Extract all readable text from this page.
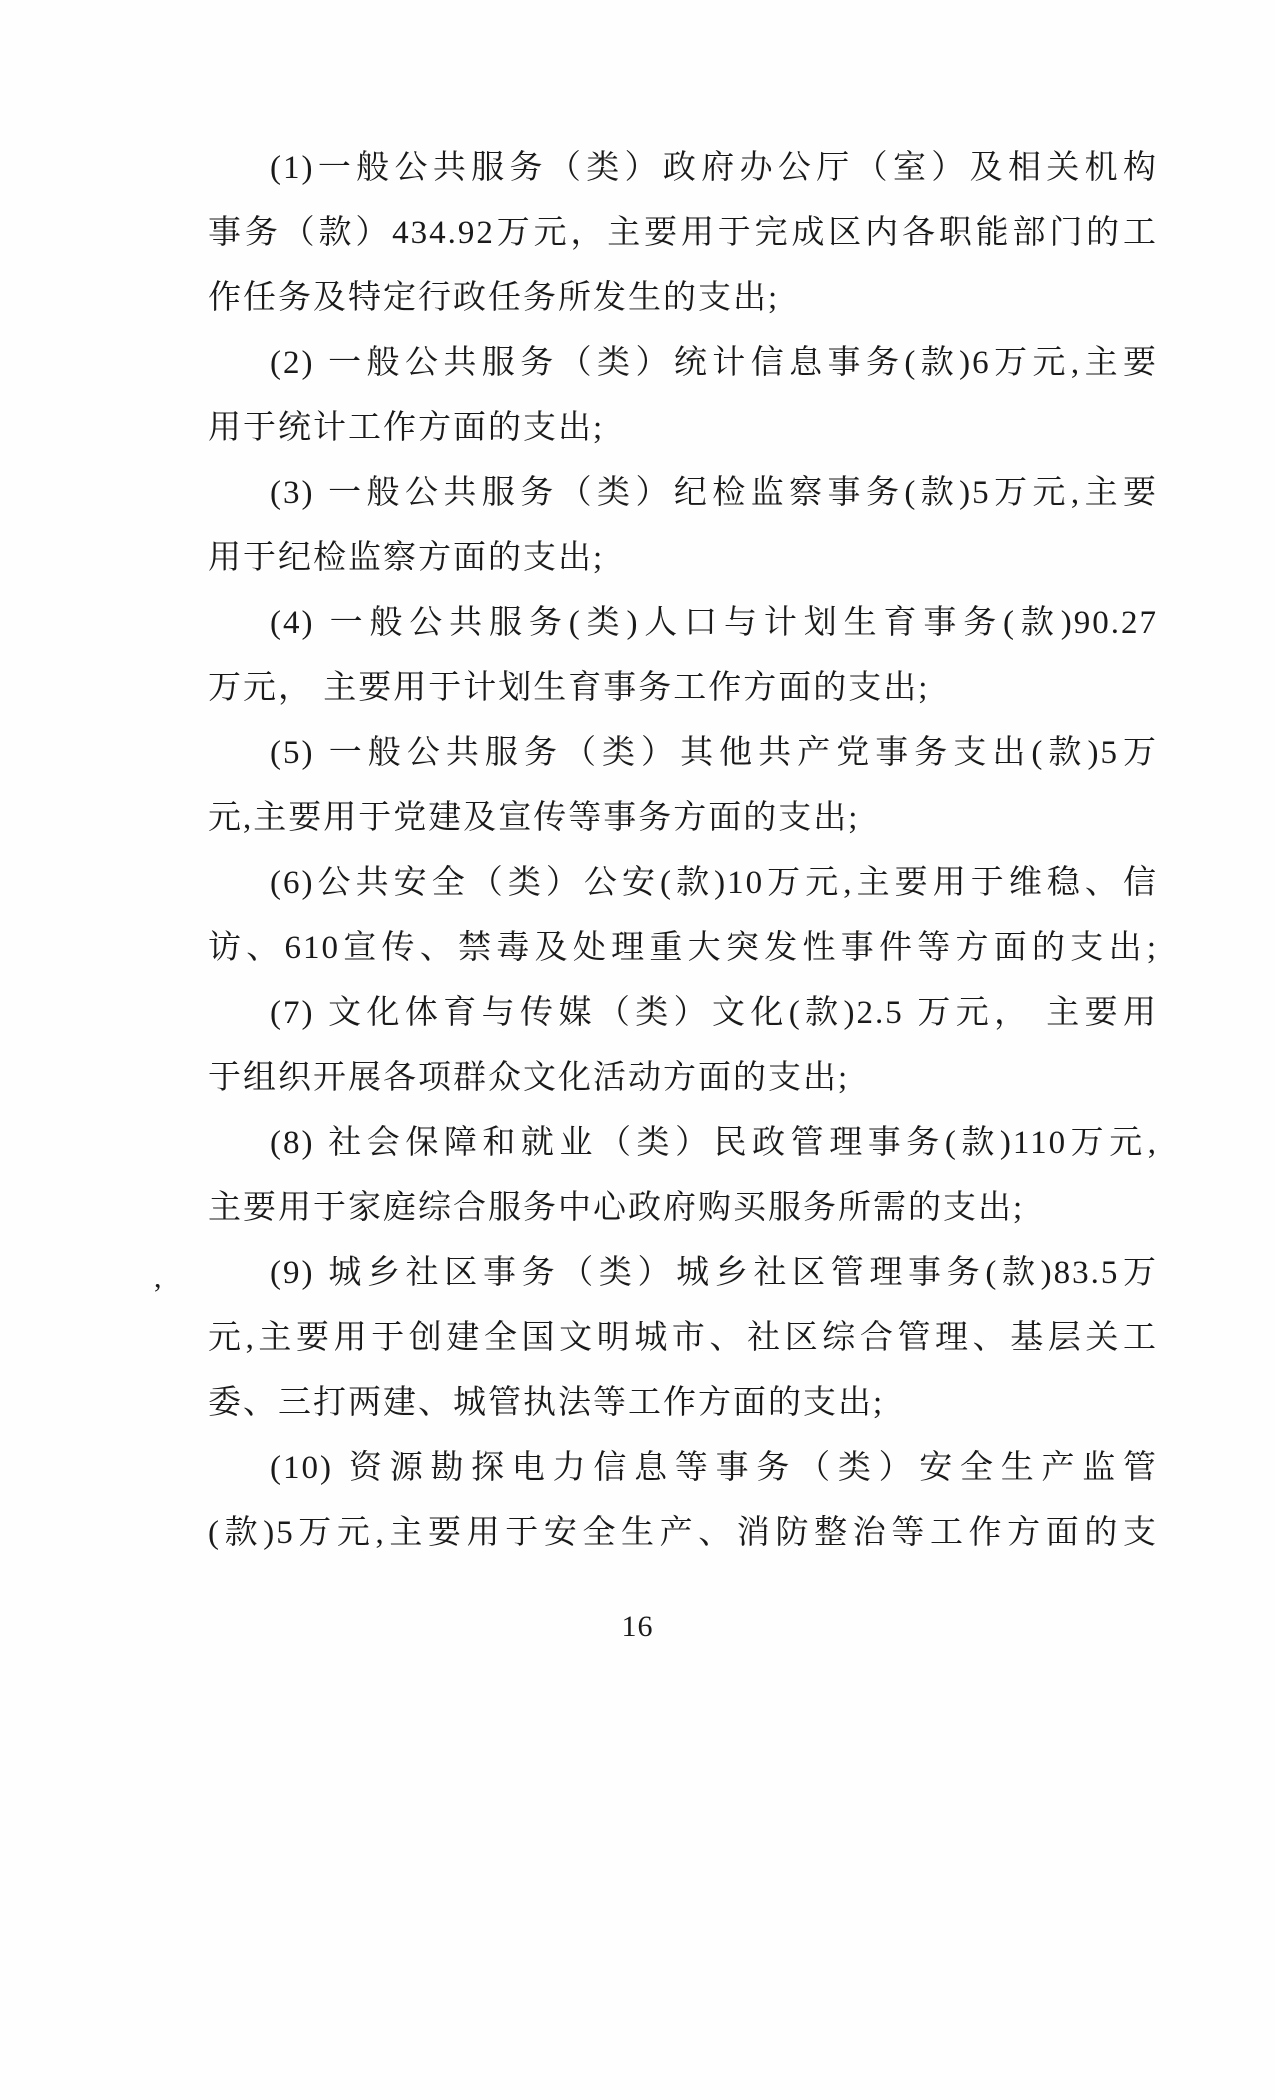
(1)一般公共服务（类）政府办公厅（室）及相关机构
事务（款）434.92万元，主要用于完成区内各职能部门的工
作任务及特定行政任务所发生的支出;
(2) 一般公共服务（类）统计信息事务(款)6万元,主要
用于统计工作方面的支出;
(3) 一般公共服务（类）纪检监察事务(款)5万元,主要
用于纪检监察方面的支出;
(4) 一般公共服务(类)人口与计划生育事务(款)90.27
万元， 主要用于计划生育事务工作方面的支出;
(5) 一般公共服务（类）其他共产党事务支出(款)5万
元,主要用于党建及宣传等事务方面的支出;
(6)公共安全（类）公安(款)10万元,主要用于维稳、信
访、610宣传、禁毒及处理重大突发性事件等方面的支出;
(7) 文化体育与传媒（类）文化(款)2.5 万元， 主要用
于组织开展各项群众文化活动方面的支出;
(8) 社会保障和就业（类）民政管理事务(款)110万元,
主要用于家庭综合服务中心政府购买服务所需的支出;
,	(9) 城乡社区事务（类）城乡社区管理事务(款)83.5万
元,主要用于创建全国文明城市、社区综合管理、基层关工
委、三打两建、城管执法等工作方面的支出;
(10) 资源勘探电力信息等事务（类）安全生产监管
(款)5万元,主要用于安全生产、消防整治等工作方面的支
16
